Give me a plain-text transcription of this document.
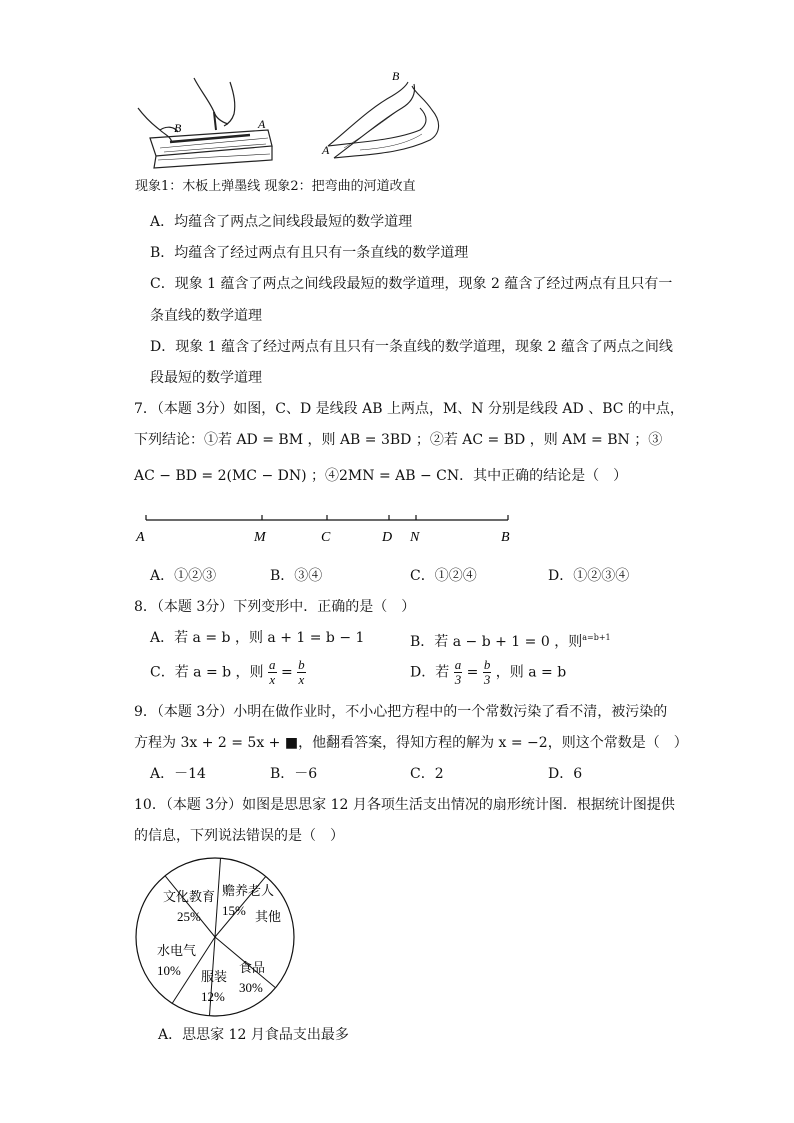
B	A
B
A
现象1：木板上弹墨线 现象2：把弯曲的河道改直
A．均蕴含了两点之间线段最短的数学道理
B．均蕴含了经过两点有且只有一条直线的数学道理
C．现象 1 蕴含了两点之间线段最短的数学道理，现象 2 蕴含了经过两点有且只有一
条直线的数学道理
D．现象 1 蕴含了经过两点有且只有一条直线的数学道理，现象 2 蕴含了两点之间线
段最短的数学道理
7．（本题 3分）如图，C、D 是线段 AB 上两点，M、N 分别是线段 AD 、BC 的中点，
下列结论：①若 AD = BM ，则 AB = 3BD ；②若 AC = BD ，则 AM = BN ；③
AC − BD = 2(MC − DN) ；④2MN = AB − CN．其中正确的结论是（　）
A	M	C	D N	B
A．①②③	B．③④	C．①②④	D．①②③④
8．（本题 3分）下列变形中．正确的是（　）
A．若 a = b ，则 a + 1 = b − 1	B．若 a − b + 1 = 0 ，则$^{a=b+1}$
C．若 a = b ，则 $\frac{a}{x} = \frac{b}{x}$	D．若 $\frac{a}{3} = \frac{b}{3}$ ，则 a = b
9．（本题 3分）小明在做作业时，不小心把方程中的一个常数污染了看不清，被污染的
方程为 3x + 2 = 5x + ■，他翻看答案，得知方程的解为 x = −2，则这个常数是（　）
A．－14	B．－6	C．2	D．6
10．（本题 3分）如图是思思家 12 月各项生活支出情况的扇形统计图．根据统计图提供
的信息，下列说法错误的是（　）
文化教育
25%
赡养老人
15% 其他
食品
30%
服装
12%
水电气
10%
A．思思家 12 月食品支出最多
